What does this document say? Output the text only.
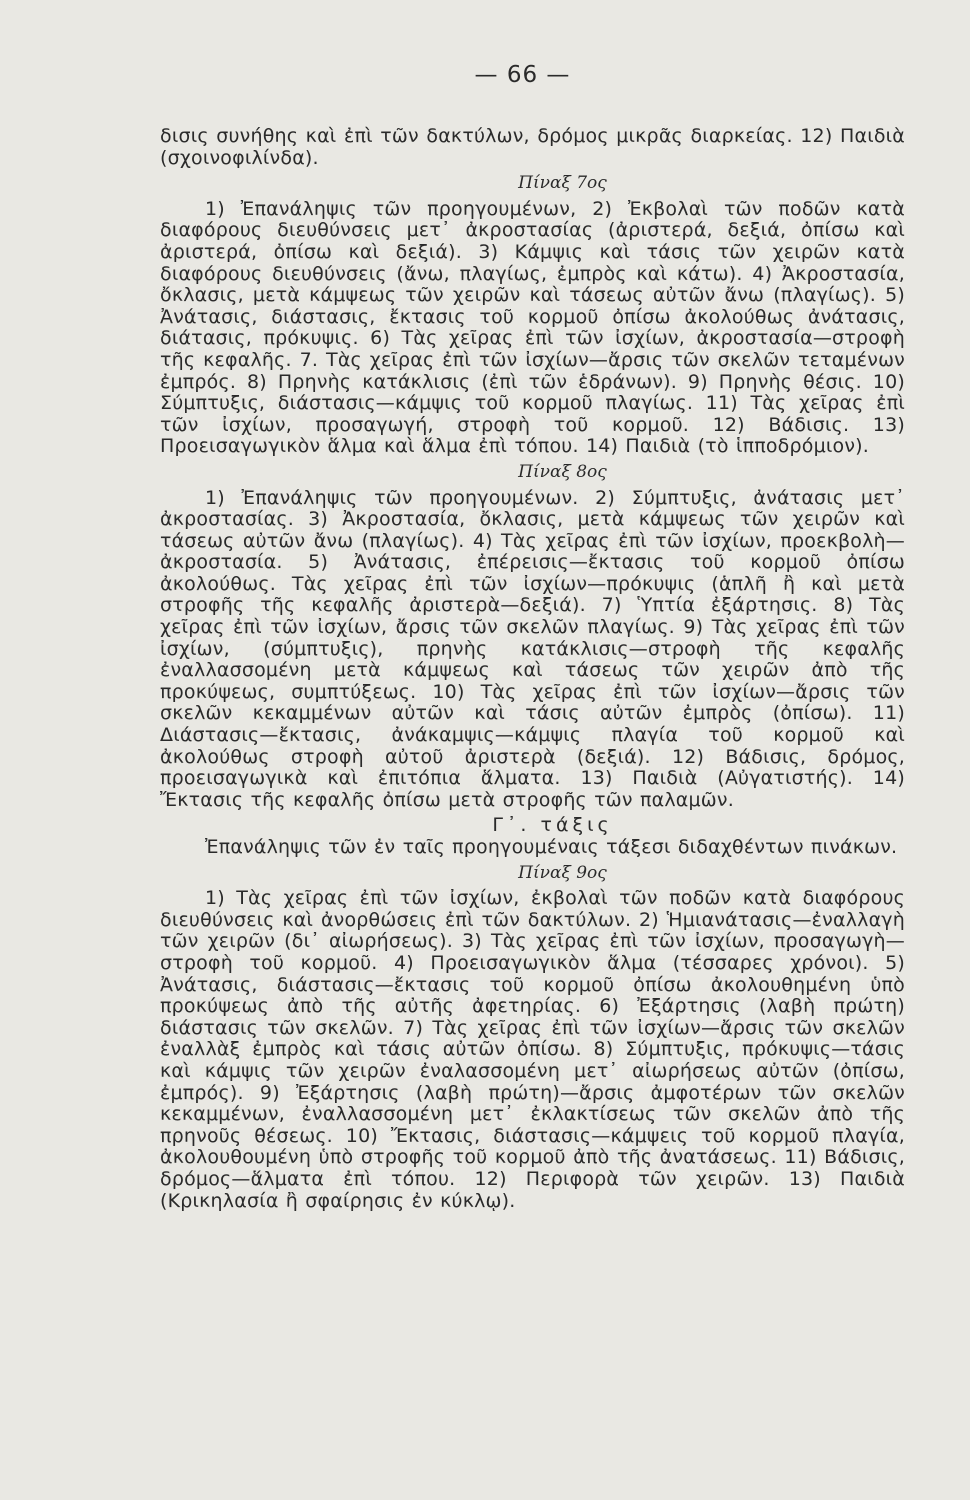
— 66 —

δισις συνήθης καὶ ἐπὶ τῶν δακτύλων, δρόμος μικρᾶς διαρκείας. 12) Παιδιὰ (σχοινοφιλίνδα).

Πίναξ 7ος

1) Ἐπανάληψις τῶν προηγουμένων, 2) Ἐκβολαὶ τῶν ποδῶν κατὰ διαφόρους διευθύνσεις μετ᾽ ἀκροστασίας (ἀριστερά, δεξιά, ὀπίσω καὶ ἀριστερά, ὀπίσω καὶ δεξιά). 3) Κάμψις καὶ τάσις τῶν χειρῶν κατὰ διαφόρους διευθύνσεις (ἄνω, πλαγίως, ἐμπρὸς καὶ κάτω). 4) Ἀκροστασία, ὄκλασις, μετὰ κάμψεως τῶν χειρῶν καὶ τάσεως αὐτῶν ἄνω (πλαγίως). 5) Ἀνάτασις, διάστασις, ἔκτασις τοῦ κορμοῦ ὀπίσω ἀκολούθως ἀνάτασις, διάτασις, πρόκυψις. 6) Τὰς χεῖρας ἐπὶ τῶν ἰσχίων, ἀκροστασία—στροφὴ τῆς κεφαλῆς. 7. Τὰς χεῖρας ἐπὶ τῶν ἰσχίων—ἄρσις τῶν σκελῶν τεταμένων ἐμπρός. 8) Πρηνὴς κατάκλισις (ἐπὶ τῶν ἑδράνων). 9) Πρηνὴς θέσις. 10) Σύμπτυξις, διάστασις—κάμψις τοῦ κορμοῦ πλαγίως. 11) Τὰς χεῖρας ἐπὶ τῶν ἰσχίων, προσαγωγή, στροφὴ τοῦ κορμοῦ. 12) Βάδισις. 13) Προεισαγωγικὸν ἅλμα καὶ ἅλμα ἐπὶ τόπου. 14) Παιδιὰ (τὸ ἱπποδρόμιον).

Πίναξ 8ος

1) Ἐπανάληψις τῶν προηγουμένων. 2) Σύμπτυξις, ἀνάτασις μετ᾽ ἀκροστασίας. 3) Ἀκροστασία, ὄκλασις, μετὰ κάμψεως τῶν χειρῶν καὶ τάσεως αὐτῶν ἄνω (πλαγίως). 4) Τὰς χεῖρας ἐπὶ τῶν ἰσχίων, προεκβολὴ—ἀκροστασία. 5) Ἀνάτασις, ἐπέρεισις—ἔκτασις τοῦ κορμοῦ ὀπίσω ἀκολούθως. Τὰς χεῖρας ἐπὶ τῶν ἰσχίων—πρόκυψις (ἁπλῆ ἢ καὶ μετὰ στροφῆς τῆς κεφαλῆς ἀριστερὰ—δεξιά). 7) Ὑπτία ἐξάρτησις. 8) Τὰς χεῖρας ἐπὶ τῶν ἰσχίων, ἄρσις τῶν σκελῶν πλαγίως. 9) Τὰς χεῖρας ἐπὶ τῶν ἰσχίων, (σύμπτυξις), πρηνὴς κατάκλισις—στροφὴ τῆς κεφαλῆς ἐναλλασσομένη μετὰ κάμψεως καὶ τάσεως τῶν χειρῶν ἀπὸ τῆς προκύψεως, συμπτύξεως. 10) Τὰς χεῖρας ἐπὶ τῶν ἰσχίων—ἄρσις τῶν σκελῶν κεκαμμένων αὐτῶν καὶ τάσις αὐτῶν ἐμπρὸς (ὀπίσω). 11) Διάστασις—ἔκτασις, ἀνάκαμψις—κάμψις πλαγία τοῦ κορμοῦ καὶ ἀκολούθως στροφὴ αὐτοῦ ἀριστερὰ (δεξιά). 12) Βάδισις, δρόμος, προεισαγωγικὰ καὶ ἐπιτόπια ἅλματα. 13) Παιδιὰ (Αὐγατιστής). 14) Ἔκτασις τῆς κεφαλῆς ὀπίσω μετὰ στροφῆς τῶν παλαμῶν.

Γ᾽. τάξις

Ἐπανάληψις τῶν ἐν ταῖς προηγουμέναις τάξεσι διδαχθέντων πινάκων.

Πίναξ 9ος

1) Τὰς χεῖρας ἐπὶ τῶν ἰσχίων, ἐκβολαὶ τῶν ποδῶν κατὰ διαφόρους διευθύνσεις καὶ ἀνορθώσεις ἐπὶ τῶν δακτύλων. 2) Ἡμιανάτασις—ἐναλλαγὴ τῶν χειρῶν (δι᾽ αἰωρήσεως). 3) Τὰς χεῖρας ἐπὶ τῶν ἰσχίων, προσαγωγὴ—στροφὴ τοῦ κορμοῦ. 4) Προεισαγωγικὸν ἅλμα (τέσσαρες χρόνοι). 5) Ἀνάτασις, διάστασις—ἔκτασις τοῦ κορμοῦ ὀπίσω ἀκολουθημένη ὑπὸ προκύψεως ἀπὸ τῆς αὐτῆς ἀφετηρίας. 6) Ἐξάρτησις (λαβὴ πρώτη) διάστασις τῶν σκελῶν. 7) Τὰς χεῖρας ἐπὶ τῶν ἰσχίων—ἄρσις τῶν σκελῶν ἐναλλὰξ ἐμπρὸς καὶ τάσις αὐτῶν ὀπίσω. 8) Σύμπτυξις, πρόκυψις—τάσις καὶ κάμψις τῶν χειρῶν ἐναλασσομένη μετ᾽ αἰωρήσεως αὐτῶν (ὀπίσω, ἐμπρός). 9) Ἐξάρτησις (λαβὴ πρώτη)—ἄρσις ἀμφοτέρων τῶν σκελῶν κεκαμμένων, ἐναλλασσομένη μετ᾽ ἐκλακτίσεως τῶν σκελῶν ἀπὸ τῆς πρηνοῦς θέσεως. 10) Ἔκτασις, διάστασις—κάμψεις τοῦ κορμοῦ πλαγία, ἀκολουθουμένη ὑπὸ στροφῆς τοῦ κορμοῦ ἀπὸ τῆς ἀνατάσεως. 11) Βάδισις, δρόμος—ἅλματα ἐπὶ τόπου. 12) Περιφορὰ τῶν χειρῶν. 13) Παιδιὰ (Κρικηλασία ἢ σφαίρησις ἐν κύκλῳ).
